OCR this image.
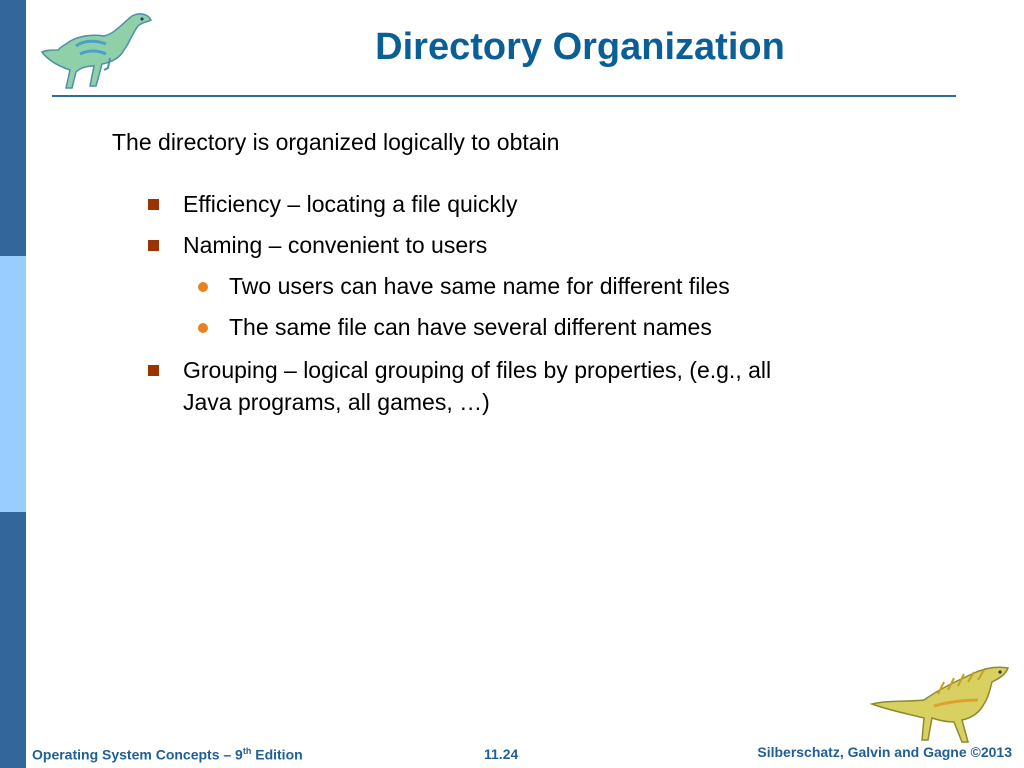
Directory Organization
The directory is organized logically to obtain
Efficiency – locating a file quickly
Naming – convenient to users
Two users can have same name for different files
The same file can have several different names
Grouping – logical grouping of files by properties, (e.g., all
Java programs, all games, …)
Operating System Concepts – 9th Edition	11.24	Silberschatz, Galvin and Gagne ©2013
